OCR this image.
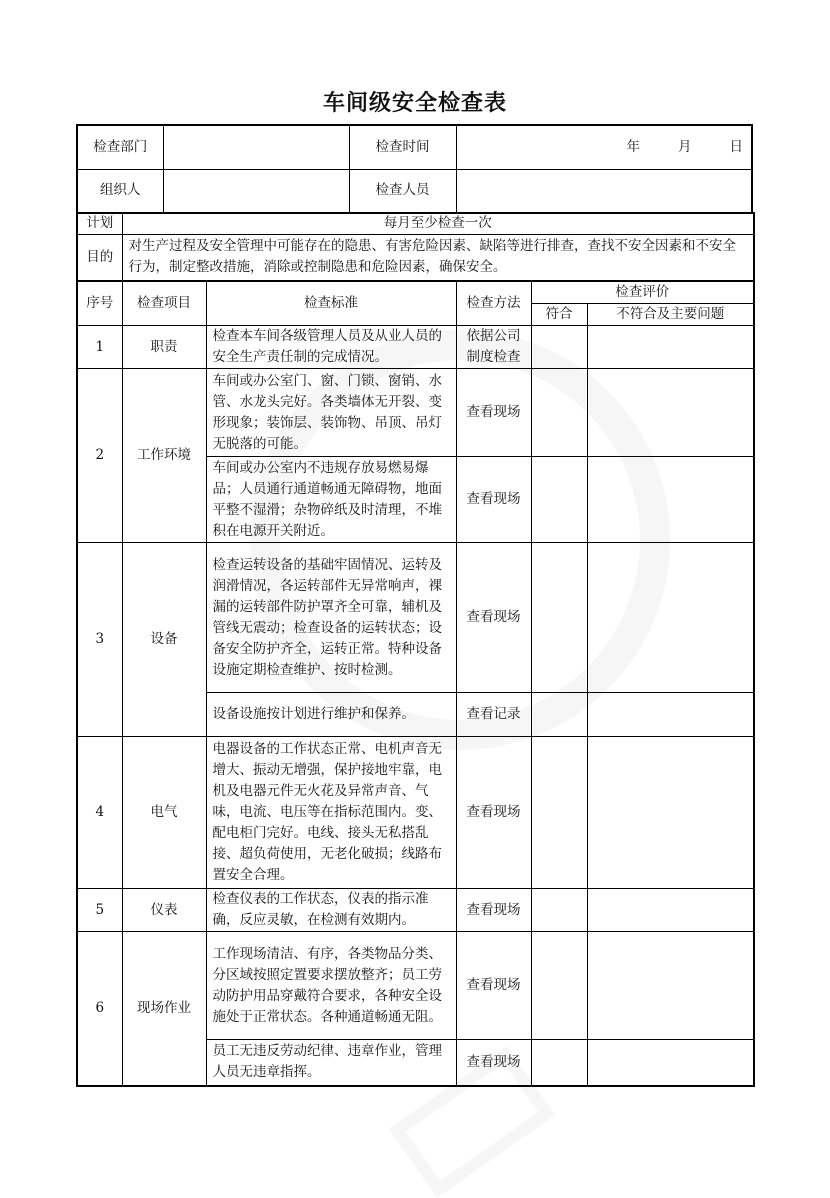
车间级安全检查表
检查部门		检查时间	年 月 日
组织人		检查人员	
计划	每月至少检查一次
目的	对生产过程及安全管理中可能存在的隐患、有害危险因素、缺陷等进行排查，查找不安全因素和不安全行为，制定整改措施，消除或控制隐患和危险因素，确保安全。
序号	检查项目	检查标准	检查方法	检查评价	
				符合	不符合及主要问题
1	职责	检查本车间各级管理人员及从业人员的安全生产责任制的完成情况。	依据公司制度检查		
2	工作环境	车间或办公室门、窗、门锁、窗销、水管、水龙头完好。各类墙体无开裂、变形现象；装饰层、装饰物、吊顶、吊灯无脱落的可能。	查看现场		
		车间或办公室内不违规存放易燃易爆品；人员通行通道畅通无障碍物，地面平整不湿滑；杂物碎纸及时清理，不堆积在电源开关附近。	查看现场		
3	设备	检查运转设备的基础牢固情况、运转及润滑情况，各运转部件无异常响声，裸漏的运转部件防护罩齐全可靠，辅机及管线无震动；检查设备的运转状态；设备安全防护齐全，运转正常。特种设备设施定期检查维护、按时检测。	查看现场		
		设备设施按计划进行维护和保养。	查看记录		
4	电气	电器设备的工作状态正常、电机声音无增大、振动无增强，保护接地牢靠，电机及电器元件无火花及异常声音、气味，电流、电压等在指标范围内。变、配电柜门完好。电线、接头无私搭乱接、超负荷使用，无老化破损；线路布置安全合理。	查看现场		
5	仪表	检查仪表的工作状态，仪表的指示准确，反应灵敏，在检测有效期内。	查看现场		
6	现场作业	工作现场清洁、有序，各类物品分类、分区域按照定置要求摆放整齐；员工劳动防护用品穿戴符合要求，各种安全设施处于正常状态。各种通道畅通无阻。	查看现场		
		员工无违反劳动纪律、违章作业，管理人员无违章指挥。	查看现场		
